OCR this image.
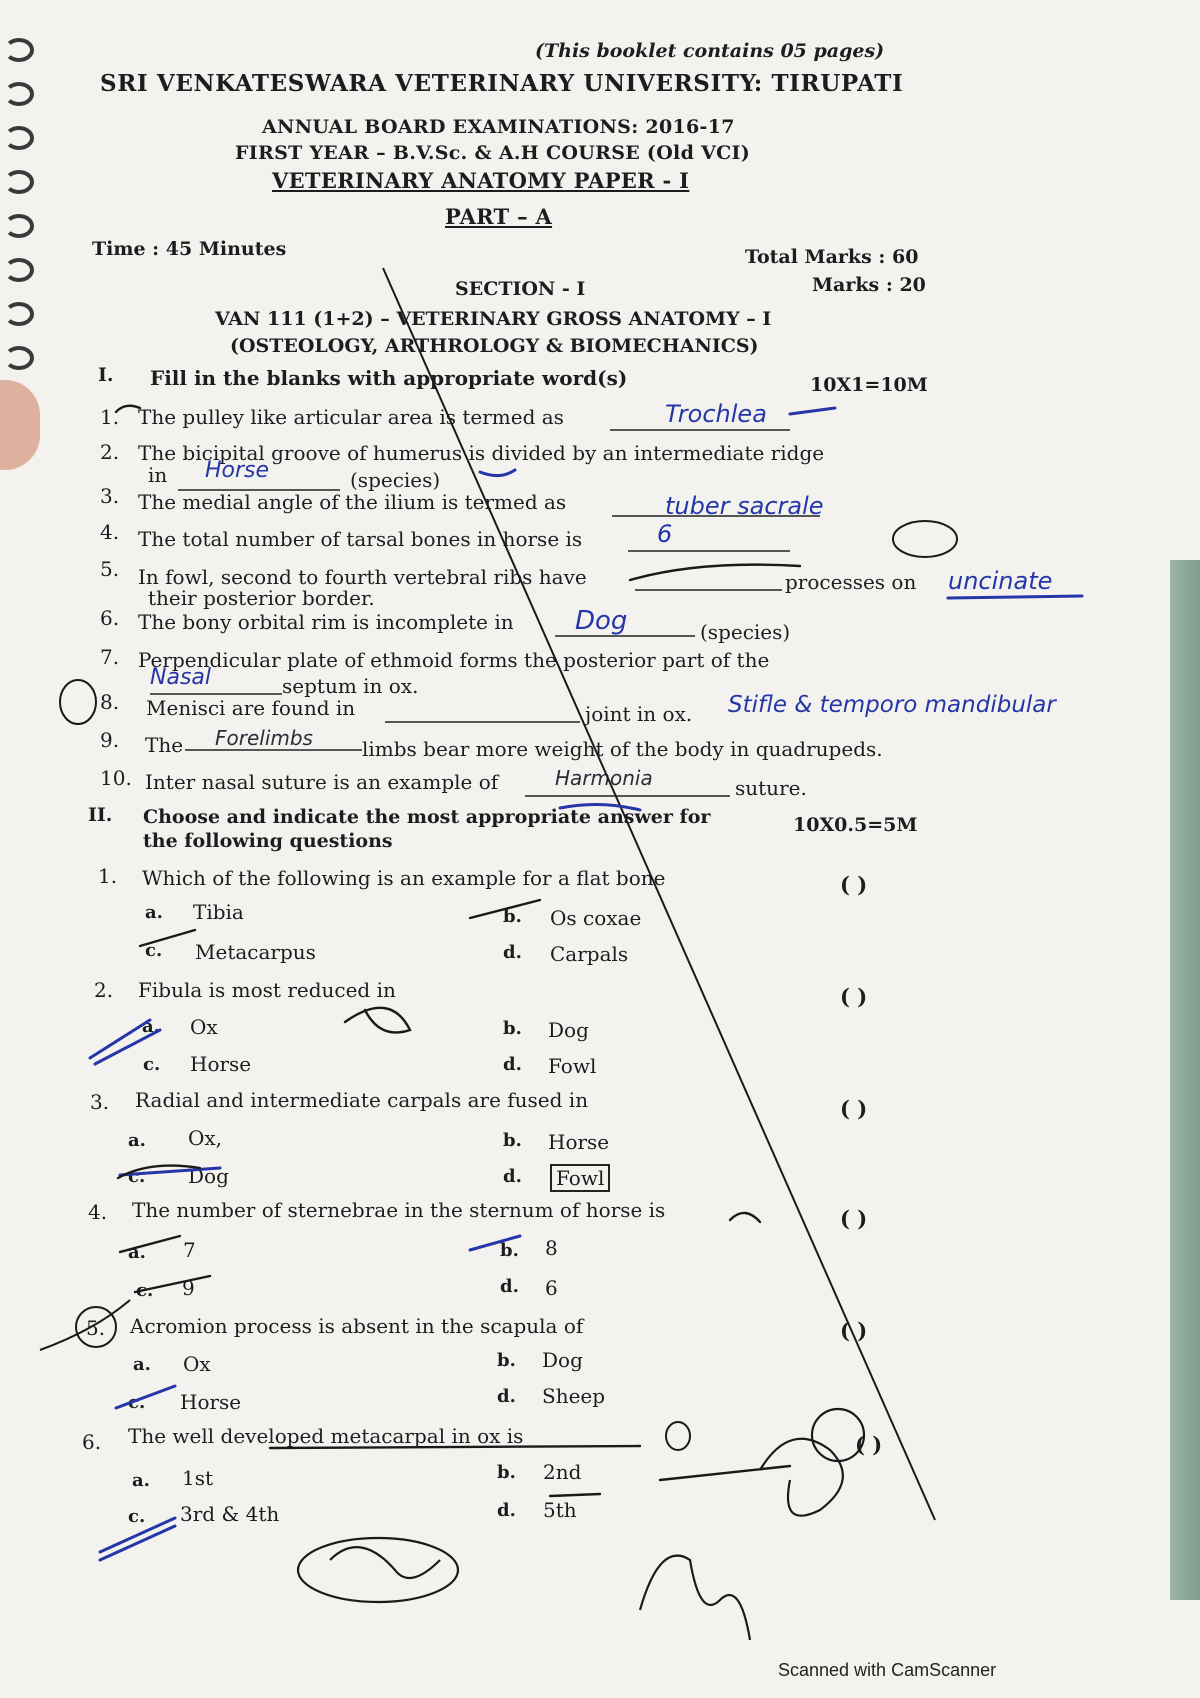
(This booklet contains 05 pages)
SRI VENKATESWARA VETERINARY UNIVERSITY: TIRUPATI
ANNUAL BOARD EXAMINATIONS: 2016-17
FIRST YEAR – B.V.Sc. & A.H COURSE (Old VCI)
VETERINARY ANATOMY PAPER - I
PART – A
Time : 45 Minutes	Total Marks : 60
SECTION - I	Marks : 20
VAN 111 (1+2) – VETERINARY GROSS ANATOMY – I
(OSTEOLOGY, ARTHROLOGY & BIOMECHANICS)
I. Fill in the blanks with appropriate word(s)	10X1=10M
1. The pulley like articular area is termed as	Trochlea
2. The bicipital groove of humerus is divided by an intermediate ridge
in Horse	(species)
3. The medial angle of the ilium is termed as	tuber sacrale
4. The total number of tarsal bones in horse is	6
5. In fowl, second to fourth vertebral ribs have	processes on
their posterior border.
uncinate
6. The bony orbital rim is incomplete in Dog	(species)
7. Perpendicular plate of ethmoid forms the posterior part of the
Nasal	septum in ox.
8. Menisci are found in	joint in ox. Stifle & temporo mandibular
9. The Forelimbs limbs bear more weight of the body in quadrupeds.
10. Inter nasal suture is an example of	Harmonia	suture.
II. Choose and indicate the most appropriate answer for
the following questions
10X0.5=5M
1. Which of the following is an example for a flat bone	( )
a. Tibia	b. Os coxae
c. Metacarpus	d. Carpals
2. Fibula is most reduced in	( )
a. Ox	b. Dog
c. Horse	d. Fowl
3. Radial and intermediate carpals are fused in	( )
a. Ox,	b. Horse
c. Dog	d.	Fowl
4. The number of sternebrae in the sternum of horse is	( )
a. 7	b. 8
c. 9	d. 6
5. Acromion process is absent in the scapula of	( )
a. Ox	b. Dog
c. Horse	d. Sheep
6. The well developed metacarpal in ox is	( )
a. 1st	b. 2nd
c. 3rd & 4th	d. 5th
Scanned with CamScanner
